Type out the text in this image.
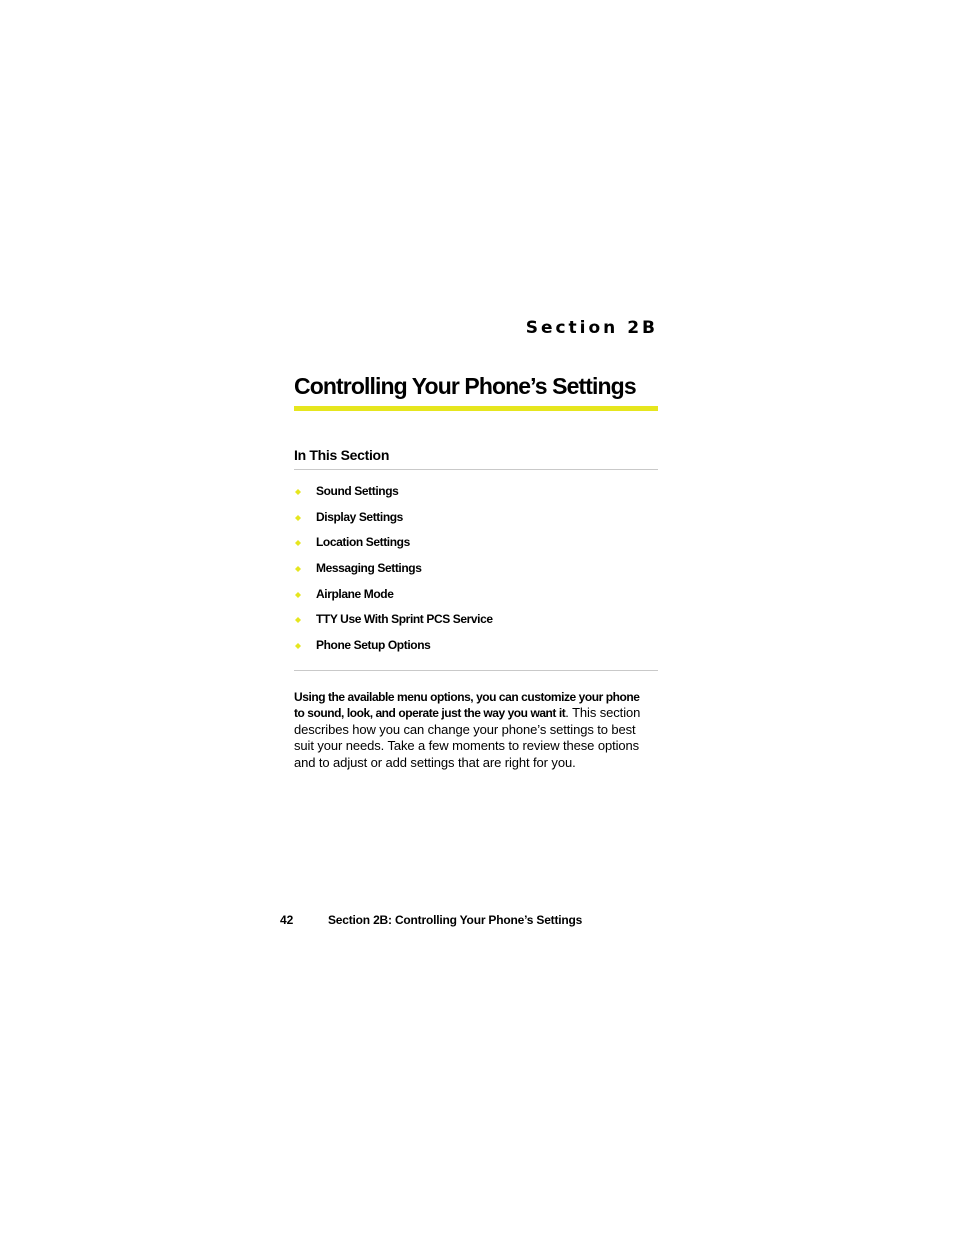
Section 2B
Controlling Your Phone’s Settings
In This Section
Sound Settings
Display Settings
Location Settings
Messaging Settings
Airplane Mode
TTY Use With Sprint PCS Service
Phone Setup Options
Using the available menu options, you can customize your phone
to sound, look, and operate just the way you want it. This section
describes how you can change your phone’s settings to best
suit your needs. Take a few moments to review these options
and to adjust or add settings that are right for you.
42	Section 2B: Controlling Your Phone’s Settings
